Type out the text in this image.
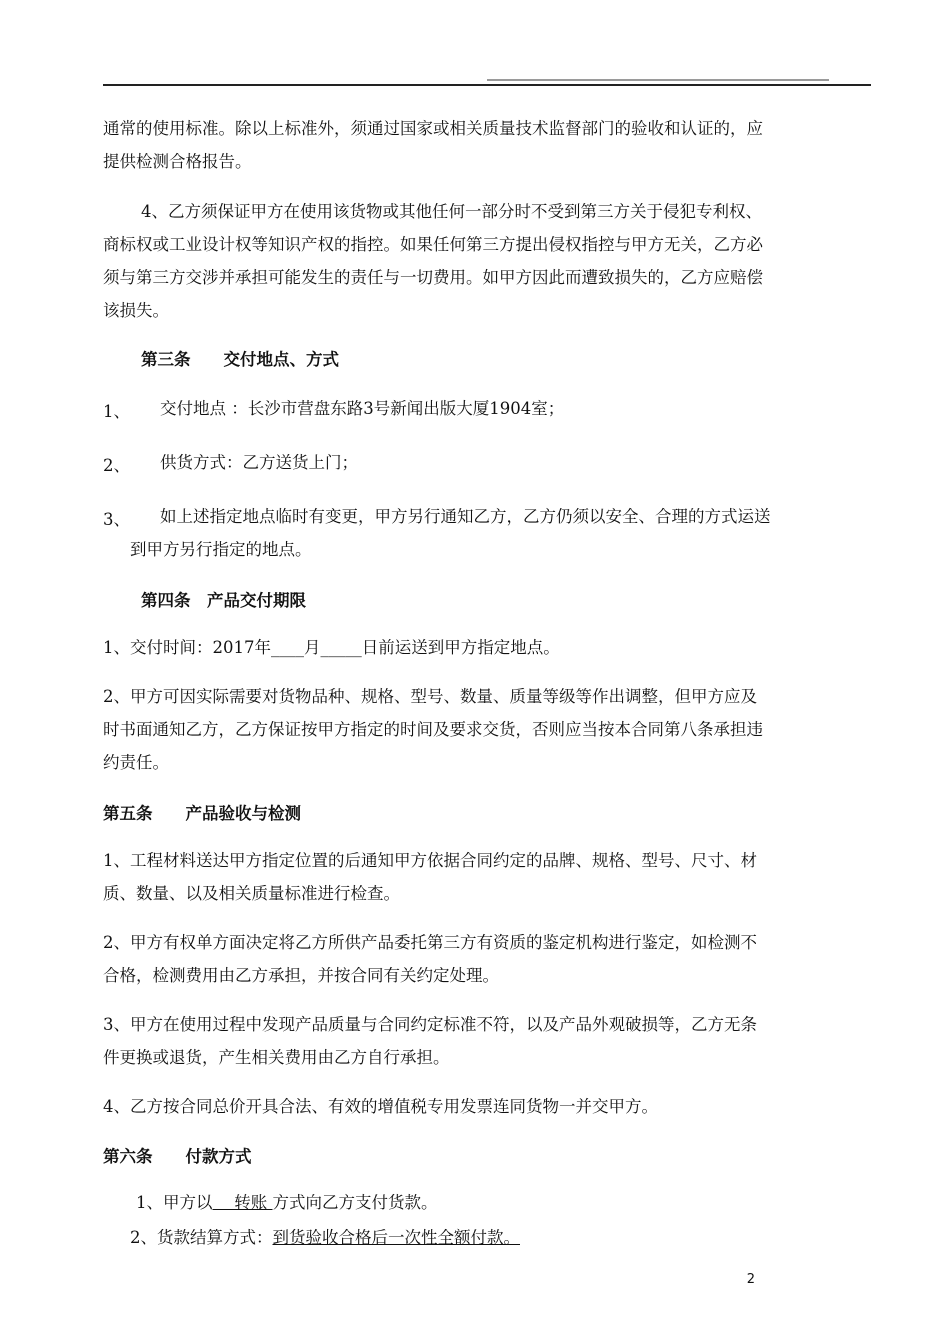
通常的使用标准。除以上标准外，须通过国家或相关质量技术监督部门的验收和认证的，应
提供检测合格报告。
4、乙方须保证甲方在使用该货物或其他任何一部分时不受到第三方关于侵犯专利权、
商标权或工业设计权等知识产权的指控。如果任何第三方提出侵权指控与甲方无关，乙方必
须与第三方交涉并承担可能发生的责任与一切费用。如甲方因此而遭致损失的，乙方应赔偿
该损失。
第三条　　交付地点、方式
1、 交付地点 ：长沙市营盘东路3号新闻出版大厦1904室；
2、 供货方式：乙方送货上门；
3、 如上述指定地点临时有变更，甲方另行通知乙方，乙方仍须以安全、合理的方式运送
到甲方另行指定的地点。
第四条　产品交付期限
1、交付时间：2017年____月_____日前运送到甲方指定地点。
2、甲方可因实际需要对货物品种、规格、型号、数量、质量等级等作出调整，但甲方应及
时书面通知乙方，乙方保证按甲方指定的时间及要求交货，否则应当按本合同第八条承担违
约责任。
第五条　　产品验收与检测
1、工程材料送达甲方指定位置的后通知甲方依据合同约定的品牌、规格、型号、尺寸、材
质、数量、以及相关质量标准进行检查。
2、甲方有权单方面决定将乙方所供产品委托第三方有资质的鉴定机构进行鉴定，如检测不
合格，检测费用由乙方承担，并按合同有关约定处理。
3、甲方在使用过程中发现产品质量与合同约定标准不符，以及产品外观破损等，乙方无条
件更换或退货，产生相关费用由乙方自行承担。
4、乙方按合同总价开具合法、有效的增值税专用发票连同货物一并交甲方。
第六条　　付款方式
1、甲方以　 转账 方式向乙方支付货款。
2、货款结算方式：到货验收合格后一次性全额付款。
2
